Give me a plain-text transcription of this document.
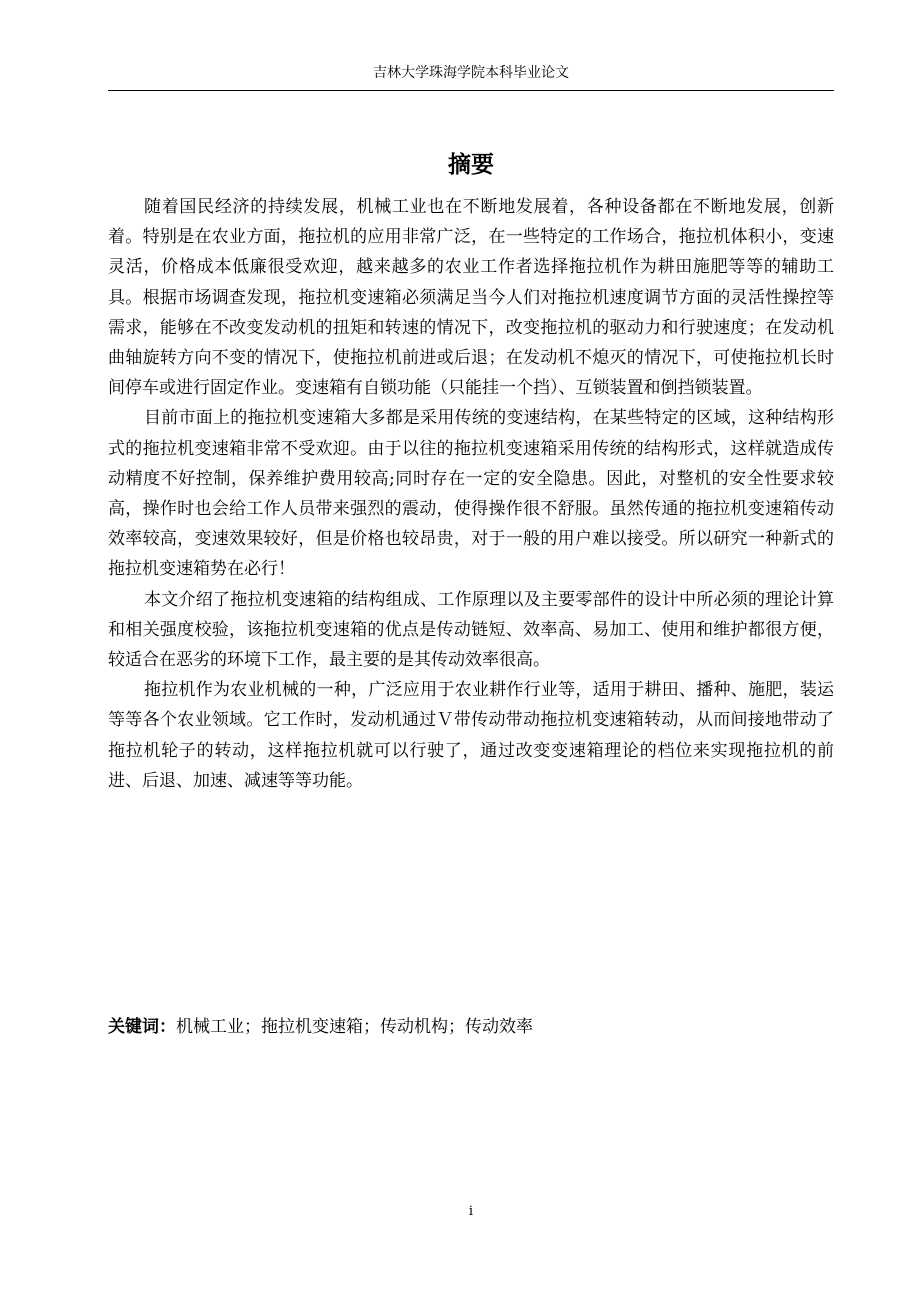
吉林大学珠海学院本科毕业论文
摘要

随着国民经济的持续发展，机械工业也在不断地发展着，各种设备都在不断地发展，创新着。特别是在农业方面，拖拉机的应用非常广泛，在一些特定的工作场合，拖拉机体积小，变速灵活，价格成本低廉很受欢迎，越来越多的农业工作者选择拖拉机作为耕田施肥等等的辅助工具。根据市场调查发现，拖拉机变速箱必须满足当今人们对拖拉机速度调节方面的灵活性操控等需求，能够在不改变发动机的扭矩和转速的情况下，改变拖拉机的驱动力和行驶速度；在发动机曲轴旋转方向不变的情况下，使拖拉机前进或后退；在发动机不熄灭的情况下，可使拖拉机长时间停车或进行固定作业。变速箱有自锁功能（只能挂一个挡）、互锁装置和倒挡锁装置。

目前市面上的拖拉机变速箱大多都是采用传统的变速结构，在某些特定的区域，这种结构形式的拖拉机变速箱非常不受欢迎。由于以往的拖拉机变速箱采用传统的结构形式，这样就造成传动精度不好控制，保养维护费用较高;同时存在一定的安全隐患。因此，对整机的安全性要求较高，操作时也会给工作人员带来强烈的震动，使得操作很不舒服。虽然传通的拖拉机变速箱传动效率较高，变速效果较好，但是价格也较昂贵，对于一般的用户难以接受。所以研究一种新式的拖拉机变速箱势在必行！

本文介绍了拖拉机变速箱的结构组成、工作原理以及主要零部件的设计中所必须的理论计算和相关强度校验，该拖拉机变速箱的优点是传动链短、效率高、易加工、使用和维护都很方便，较适合在恶劣的环境下工作，最主要的是其传动效率很高。

拖拉机作为农业机械的一种，广泛应用于农业耕作行业等，适用于耕田、播种、施肥，装运等等各个农业领域。它工作时，发动机通过Ｖ带传动带动拖拉机变速箱转动，从而间接地带动了拖拉机轮子的转动，这样拖拉机就可以行驶了，通过改变变速箱理论的档位来实现拖拉机的前进、后退、加速、减速等等功能。

关键词：机械工业；拖拉机变速箱；传动机构；传动效率
i
